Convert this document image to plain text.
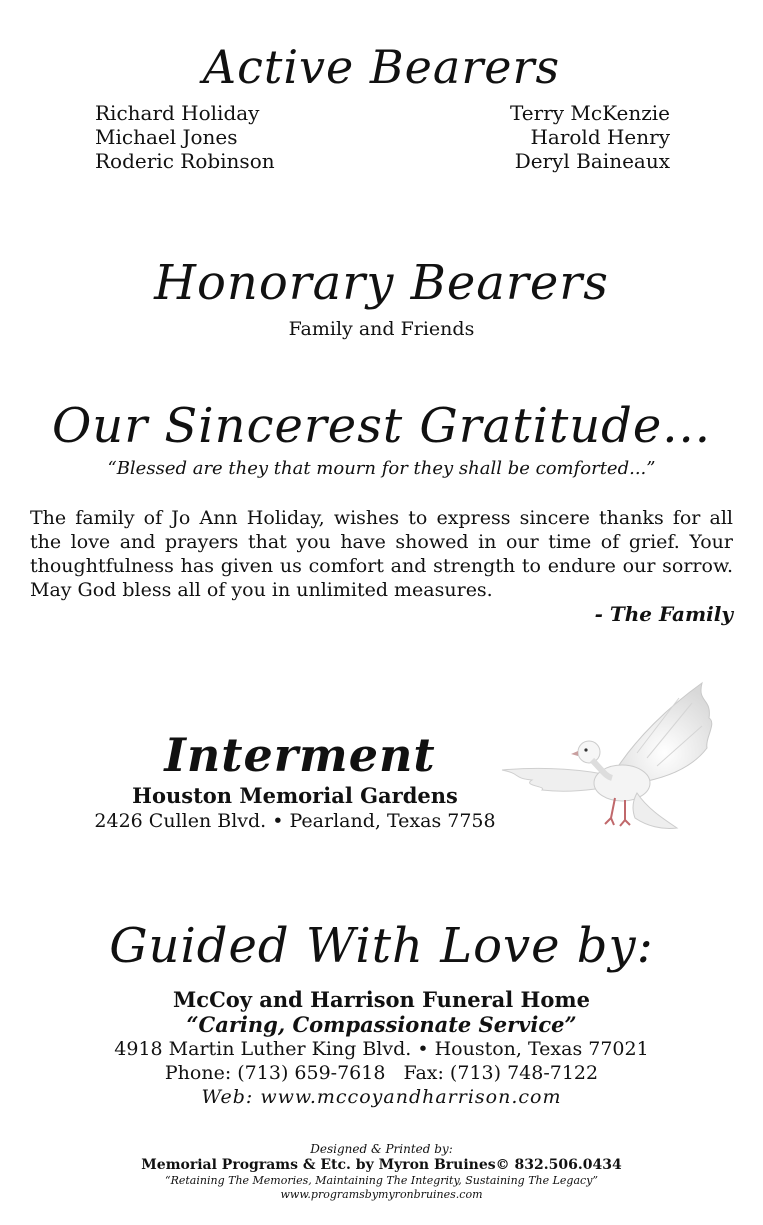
Active Bearers
Richard Holiday
Michael Jones
Roderic Robinson
Terry McKenzie
Harold Henry
Deryl Baineaux
Honorary Bearers

Family and Friends

Our Sincerest Gratitude...

“Blessed are they that mourn for they shall be comforted...”

The family of Jo Ann Holiday, wishes to express sincere thanks for all the love and prayers that you have showed in our time of grief. Your thoughtfulness has given us comfort and strength to endure our sorrow. May God bless all of you in unlimited measures.

- The Family

Interment

Houston Memorial Gardens

2426 Cullen Blvd. • Pearland, Texas 7758

Guided With Love by:

McCoy and Harrison Funeral Home

“Caring, Compassionate Service”

4918 Martin Luther King Blvd. • Houston, Texas 77021

Phone: (713) 659-7618   Fax: (713) 748-7122

Web: www.mccoyandharrison.com

Designed & Printed by:

Memorial Programs & Etc. by Myron Bruines© 832.506.0434

“Retaining The Memories, Maintaining The Integrity, Sustaining The Legacy”

www.programsbymyronbruines.com
